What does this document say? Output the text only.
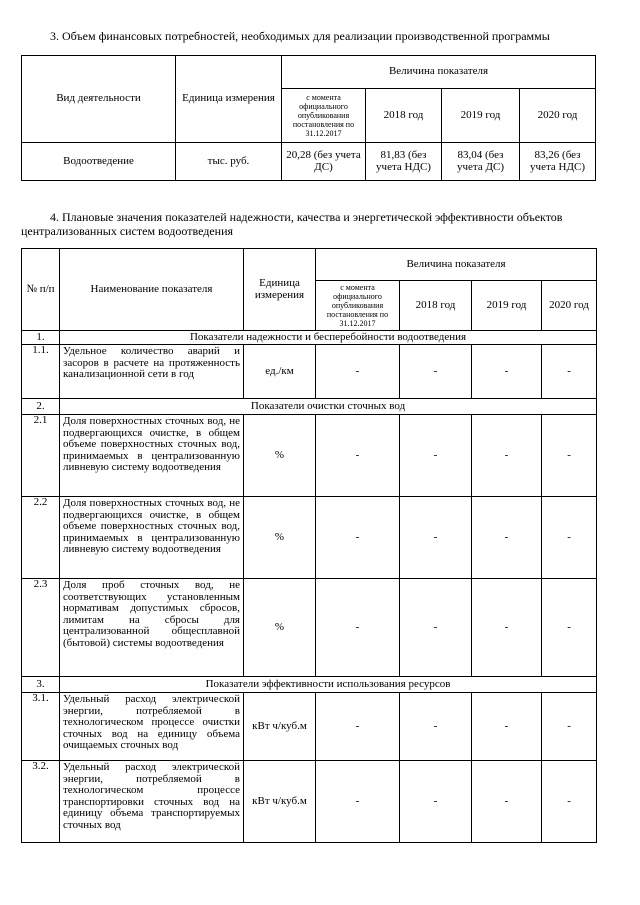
3. Объем финансовых потребностей, необходимых для реализации производственной программы
Вид деятельности	Единица измерения	Величина показателя			
		с момента официального опубликования постановления по 31.12.2017	2018 год	2019 год	2020 год
Водоотведение	тыс. руб.	20,28 (без учета ДС)	81,83 (без учета НДС)	83,04 (без учета ДС)	83,26 (без учета НДС)
4. Плановые значения показателей надежности, качества и энергетической эффективности объектов централизованных систем водоотведения
№ п/п	Наименование показателя	Единица измерения	Величина показателя			
			с момента официального опубликования постановления по 31.12.2017	2018 год	2019 год	2020 год
1.	Показатели надежности и бесперебойности водоотведения					
1.1.	Удельное количество аварий и засоров в расчете на протяженность канализационной сети в год	ед./км	-	-	-	-
2.	Показатели очистки сточных вод					
2.1	Доля поверхностных сточных вод, не подвергающихся очистке, в общем объеме поверхностных сточных вод, принимаемых в централизованную ливневую систему водоотведения	%	-	-	-	-
2.2	Доля поверхностных сточных вод, не подвергающихся очистке, в общем объеме поверхностных сточных вод, принимаемых в централизованную ливневую систему водоотведения	%	-	-	-	-
2.3	Доля проб сточных вод, не соответствующих установленным нормативам допустимых сбросов, лимитам на сбросы для централизованной общесплавной (бытовой) системы водоотведения	%	-	-	-	-
3.	Показатели эффективности использования ресурсов					
3.1.	Удельный расход электрической энергии, потребляемой в технологическом процессе очистки сточных вод на единицу объема очищаемых сточных вод	кВт ч/куб.м	-	-	-	-
3.2.	Удельный расход электрической энергии, потребляемой в технологическом процессе транспортировки сточных вод на единицу объема транспортируемых сточных вод	кВт ч/куб.м	-	-	-	-
